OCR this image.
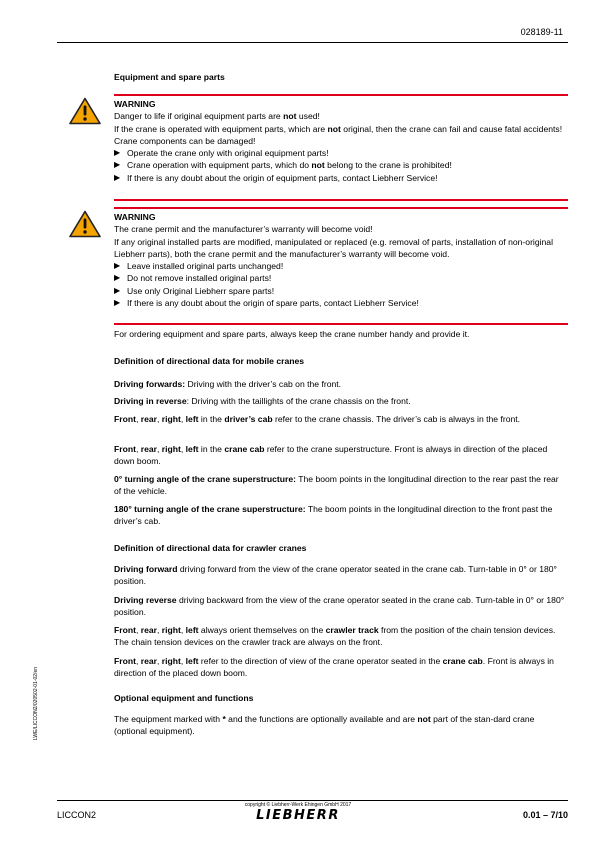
028189-11
Equipment and spare parts

WARNING

Danger to life if original equipment parts are not used!

If the crane is operated with equipment parts, which are not original, then the crane can fail and cause fatal accidents!

Crane components can be damaged!

▶ Operate the crane only with original equipment parts!

▶ Crane operation with equipment parts, which do not belong to the crane is prohibited!

▶ If there is any doubt about the origin of equipment parts, contact Liebherr Service!

WARNING

The crane permit and the manufacturer’s warranty will become void!

If any original installed parts are modified, manipulated or replaced (e.g. removal of parts, installation of non-original Liebherr parts), both the crane permit and the manufacturer’s warranty will become void.

▶ Leave installed original parts unchanged!

▶ Do not remove installed original parts!

▶ Use only Original Liebherr spare parts!

▶ If there is any doubt about the origin of spare parts, contact Liebherr Service!

For ordering equipment and spare parts, always keep the crane number handy and provide it.
Definition of directional data for mobile cranes
Driving forwards: Driving with the driver’s cab on the front.
Driving in reverse: Driving with the taillights of the crane chassis on the front.
Front, rear, right, left in the driver’s cab refer to the crane chassis. The driver’s cab is always in the front.
Front, rear, right, left in the crane cab refer to the crane superstructure. Front is always in direction of the placed down boom.
0° turning angle of the crane superstructure: The boom points in the longitudinal direction to the rear past the rear of the vehicle.
180° turning angle of the crane superstructure: The boom points in the longitudinal direction to the front past the driver’s cab.
Definition of directional data for crawler cranes
Driving forward driving forward from the view of the crane operator seated in the crane cab. Turn-table in 0° or 180° position.
Driving reverse driving backward from the view of the crane operator seated in the crane cab. Turn-table in 0° or 180° position.
Front, rear, right, left always orient themselves on the crawler track from the position of the chain tension devices. The chain tension devices on the crawler track are always on the front.
Front, rear, right, left refer to the direction of view of the crane operator seated in the crane cab. Front is always in direction of the placed down boom.
Optional equipment and functions
The equipment marked with * and the functions are optionally available and are not part of the stan-dard crane (optional equipment).
LWE/LICCON2/020502-01-02/en
copyright © Liebherr-Werk Ehingen GmbH 2017
LIEBHERR
LICCON2	0.01 – 7/10
